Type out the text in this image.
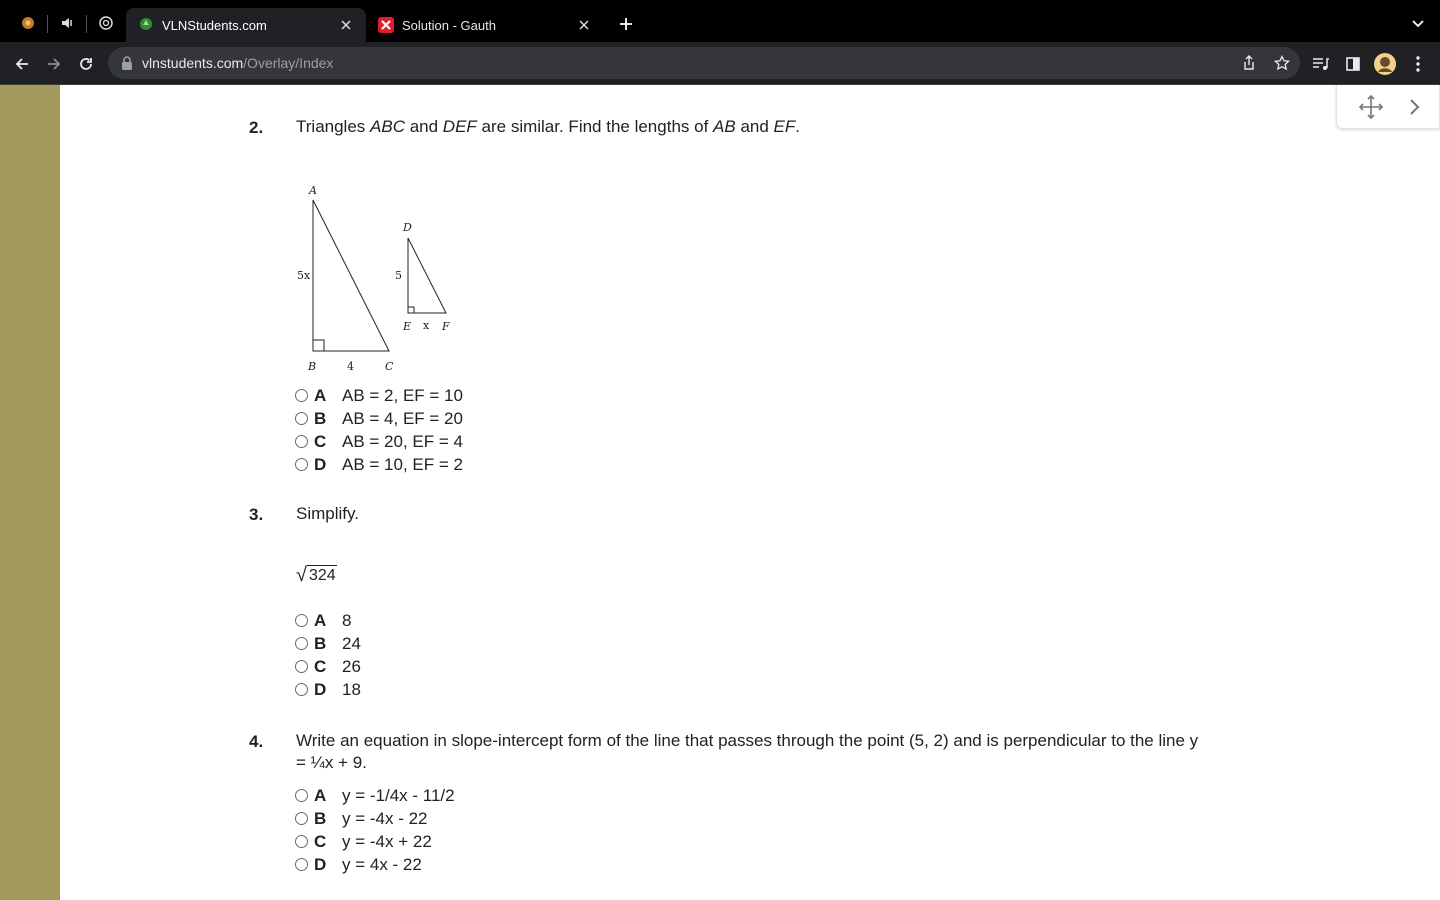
VLNStudents.com	Solution - Gauth
vlnstudents.com/Overlay/Index
2. Triangles ABC and DEF are similar. Find the lengths of AB and EF.
A
B	C
5x
4
D
E	F
5
x
A AB = 2, EF = 10
B AB = 4, EF = 20
C AB = 20, EF = 4
D AB = 10, EF = 2
3. Simplify.
√ 324
A 8
B 24
C 26
D 18
4. Write an equation in slope-intercept form of the line that passes through the point (5, 2) and is perpendicular to the line y
= ¼x + 9.
A y = -1/4x - 11/2
B y = -4x - 22
C y = -4x + 22
D y = 4x - 22
